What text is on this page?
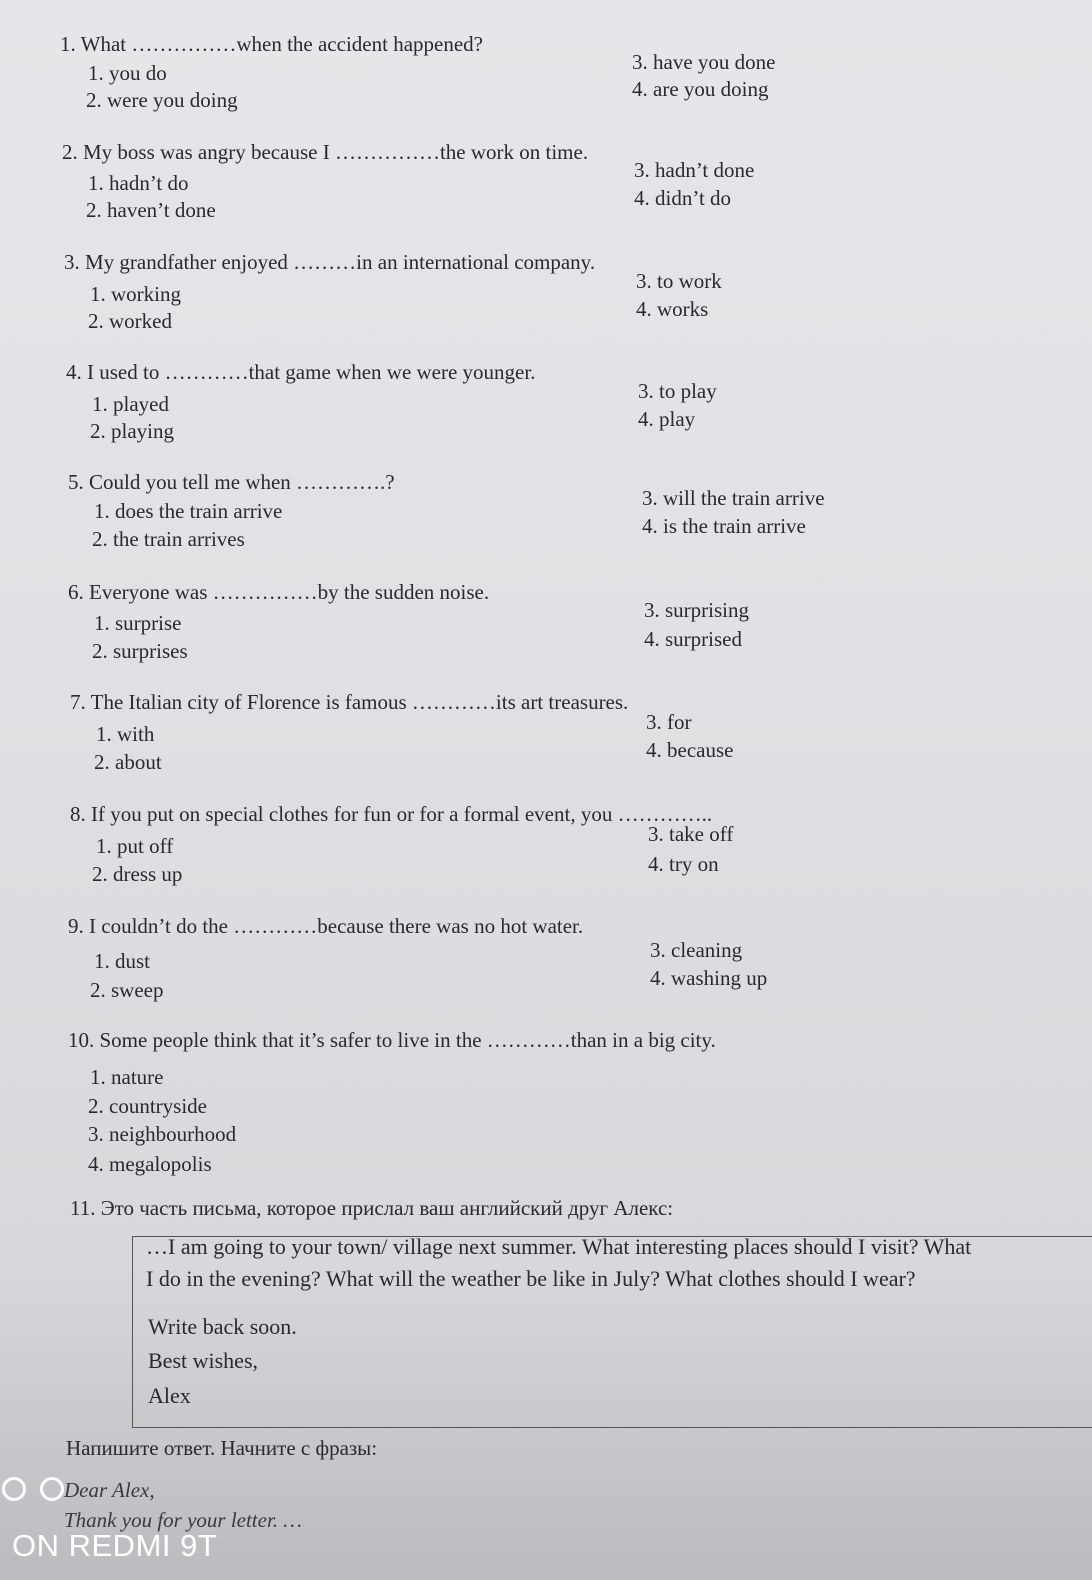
1. What ……………when the accident happened?
1. you do
2. were you doing
3. have you done
4. are you doing
2. My boss was angry because I ……………the work on time.
1. hadn’t do
2. haven’t done
3. hadn’t done
4. didn’t do
3. My grandfather enjoyed ………in an international company.
1. working
2. worked
3. to work
4. works
4. I used to …………that game when we were younger.
1. played
2. playing
3. to play
4. play
5. Could you tell me when ………….?
1. does the train arrive
2. the train arrives
3. will the train arrive
4. is the train arrive
6. Everyone was ……………by the sudden noise.
1. surprise
2. surprises
3. surprising
4. surprised
7. The Italian city of Florence is famous …………its art treasures.
1. with
2. about
3. for
4. because
8. If you put on special clothes for fun or for a formal event, you …………..
1. put off
2. dress up
3. take off
4. try on
9. I couldn’t do the …………because there was no hot water.
1. dust
2. sweep
3. cleaning
4. washing up
10. Some people think that it’s safer to live in the …………than in a big city.
1. nature
2. countryside
3. neighbourhood
4. megalopolis
11. Это часть письма, которое прислал ваш английский друг Алекс:
…I am going to your town/ village next summer. What interesting places should I visit? What
I do in the evening? What will the weather be like in July? What clothes should I wear?
Write back soon.
Best wishes,
Alex
Напишите ответ. Начните с фразы:
Dear Alex,
Thank you for your letter. …
ON REDMI 9T
